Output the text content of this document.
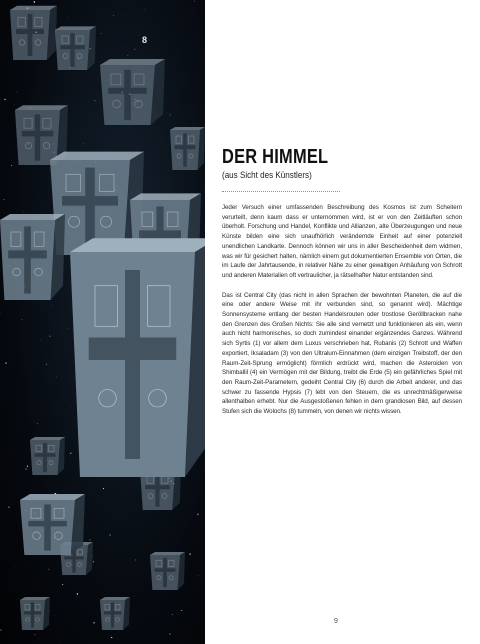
8
DER HIMMEL
(aus Sicht des Künstlers)

Jeder Versuch einer umfassenden Beschreibung des Kosmos ist zum Scheitern verurteilt, denn kaum dass er unternommen wird, ist er von den Zeitläuften schon überholt. Forschung und Handel, Konflikte und Allianzen, alte Überzeugungen und neue Künste bilden eine sich unaufhörlich verändernde Einheit auf einer potenziell unendlichen Landkarte. Dennoch können wir uns in aller Bescheidenheit dem widmen, was wir für gesichert halten, nämlich einem gut dokumentierten Ensemble von Orten, die im Laufe der Jahrtausende, in relativer Nähe zu einer gewaltigen Anhäufung von Schrott und anderen Materialien oft vertraulicher, ja rätselhafter Natur entstanden sind.

Das ist Central City (das nicht in allen Sprachen der bewohnten Planeten, die auf die eine oder andere Weise mit ihr verbunden sind, so genannt wird). Mächtige Sonnensysteme entlang der besten Handelsrouten oder trostlose Geröllbracken nahe den Grenzen des Großen Nichts: Sie alle sind vernetzt und funktionieren als ein, wenn auch nicht harmonisches, so doch zumindest einander ergänzendes Ganzes. Während sich Syrtis (1) vor allem dem Luxus verschrieben hat, Rubanis (2) Schrott und Waffen exportiert, Iksaladam (3) von den Ultralum-Einnahmen (dem einzigen Treibstoff, der den Raum-Zeit-Sprung ermöglicht) förmlich erdrückt wird, machen die Asteroiden von Shimballil (4) ein Vermögen mit der Bildung, treibt die Erde (5) ein gefährliches Spiel mit den Raum-Zeit-Parametern, gedeiht Central City (6) durch die Arbeit anderer, und das schwer zu fassende Hypsis (7) lebt von den Steuern, die es unrechtmäßigerweise allenthalben erhebt. Nur die Ausgestoßenen fehlen in dem grandiosen Bild, auf dessen Stufen sich die Wolochs (8) tummeln, von denen wir nichts wissen.

9
